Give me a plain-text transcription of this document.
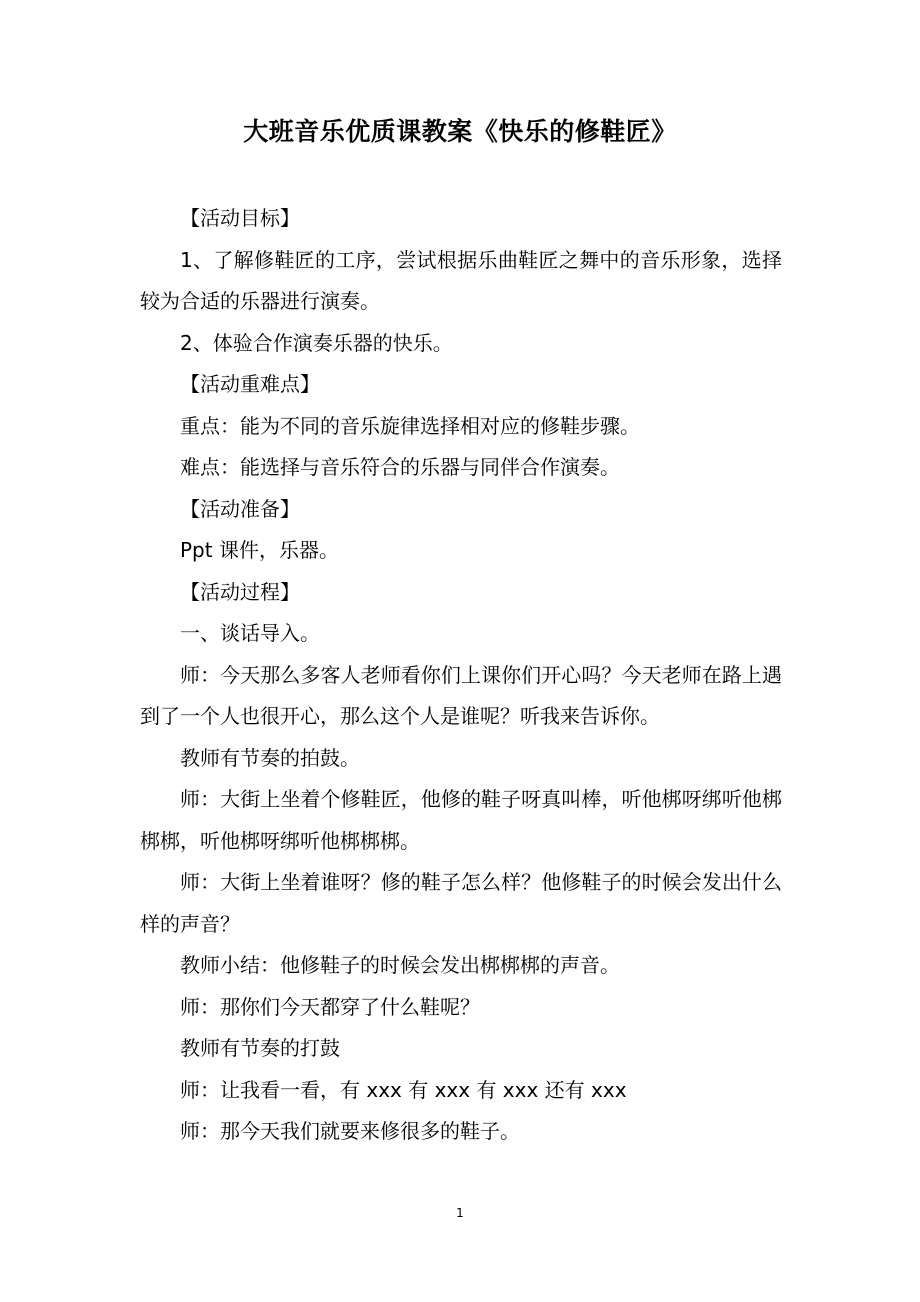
大班音乐优质课教案《快乐的修鞋匠》

【活动目标】

1、了解修鞋匠的工序，尝试根据乐曲鞋匠之舞中的音乐形象，选择较为合适的乐器进行演奏。

2、体验合作演奏乐器的快乐。

【活动重难点】

重点：能为不同的音乐旋律选择相对应的修鞋步骤。

难点：能选择与音乐符合的乐器与同伴合作演奏。

【活动准备】

Ppt 课件，乐器。

【活动过程】

一、谈话导入。

师：今天那么多客人老师看你们上课你们开心吗？今天老师在路上遇到了一个人也很开心，那么这个人是谁呢？听我来告诉你。

教师有节奏的拍鼓。

师：大街上坐着个修鞋匠，他修的鞋子呀真叫棒，听他梆呀绑听他梆梆梆，听他梆呀绑听他梆梆梆。

师：大街上坐着谁呀？修的鞋子怎么样？他修鞋子的时候会发出什么样的声音？

教师小结：他修鞋子的时候会发出梆梆梆的声音。

师：那你们今天都穿了什么鞋呢？

教师有节奏的打鼓

师：让我看一看，有 xxx 有 xxx 有 xxx 还有 xxx

师：那今天我们就要来修很多的鞋子。

1
